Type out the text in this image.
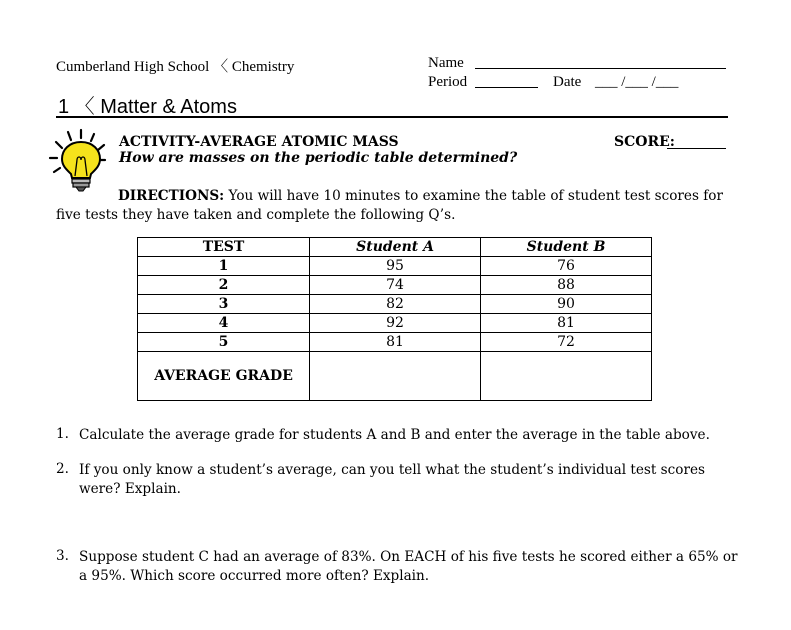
Cumberland High School 〈 Chemistry	Name
Period	Date ___ /___ /___
1 〈 Matter & Atoms
ACTIVITY-AVERAGE ATOMIC MASS	SCORE:
How are masses on the periodic table determined?
DIRECTIONS: You will have 10 minutes to examine the table of student test scores for five tests they have taken and complete the following Q’s.
TEST	Student A	Student B
1	95	76
2	74	88
3	82	90
4	92	81
5	81	72
AVERAGE GRADE		
1. Calculate the average grade for students A and B and enter the average in the table above.
2. If you only know a student’s average, can you tell what the student’s individual test scores were? Explain.
3. Suppose student C had an average of 83%. On EACH of his five tests he scored either a 65% or a 95%. Which score occurred more often? Explain.
